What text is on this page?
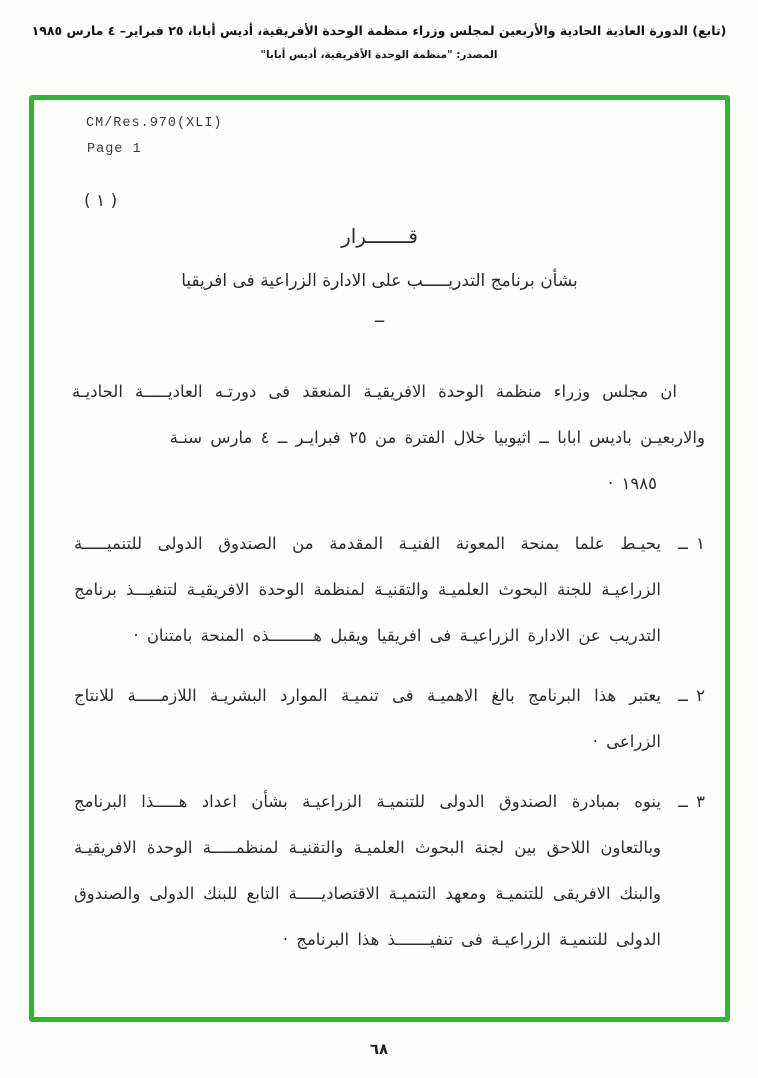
(تابع) الدورة العادية الحادية والأربعين لمجلس وزراء منظمة الوحدة الأفريقية، أديس أبابا، ٢٥ فبراير– ٤ مارس ١٩٨٥
المصدر: "منظمة الوحدة الأفريقية، أديس أبابا"
CM/Res.970(XLI)
Page 1
( ١ )
قـــــــرار
بشأن برنامج التدريـــــب على الادارة الزراعية فى افريقيا
ــ

ان مجلس وزراء منظمة الوحدة الافريقيـة المنعقد فى دورتـه العاديـــــة الحاديـة والاربعيـن باديس ابابا ــ اثيوبيا خلال الفترة من ٢٥ فبرايـر ــ ٤ مارس سنـة

١٩٨٥ ·
١ ــ

يحيـط علما بمنحة المعونة الفنيـة المقدمة من الصندوق الدولى للتنميـــــة الزراعيـة للجنة البحوث العلميـة والتقنيـة لمنظمة الوحدة الافريقيـة لتنفيـــذ برنامج التدريب عن الادارة الزراعيـة فى افريقيا ويقبل هـــــــــذه المنحة بامتنان ·

٢ ــ

يعتبر هذا البرنامج بالغ الاهميـة فى تنميـة الموارد البشريـة اللازمـــــة للانتاج الزراعى ·

٣ ــ

ينوه بمبادرة الصندوق الدولى للتنميـة الزراعيـة بشأن اعداد هـــــذا البرنامج وبالتعاون اللاحق بين لجنة البحوث العلميـة والتقنيـة لمنظمـــــة الوحدة الافريقيـة والبنك الافريقى للتنميـة ومعهد التنميـة الاقتصاديـــــة التابع للبنك الدولى والصندوق الدولى للتنميـة الزراعيـة فى تنفيـــــــذ هذا البرنامج ·

٦٨
